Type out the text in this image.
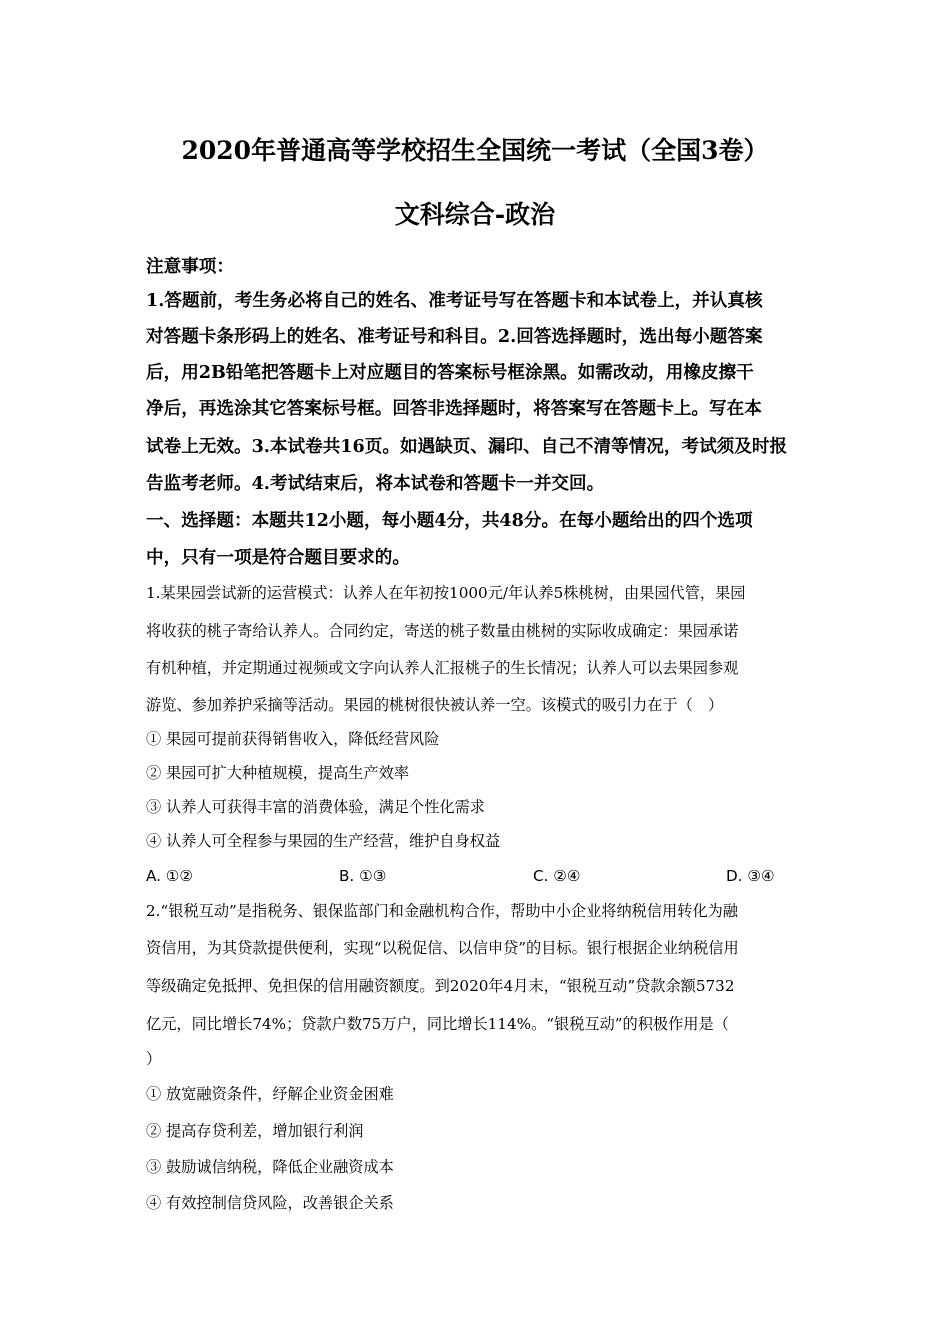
2020年普通高等学校招生全国统一考试（全国3卷）
文科综合-政治
注意事项：
1.答题前，考生务必将自己的姓名、准考证号写在答题卡和本试卷上，并认真核
对答题卡条形码上的姓名、准考证号和科目。2.回答选择题时，选出每小题答案
后，用2B铅笔把答题卡上对应题目的答案标号框涂黑。如需改动，用橡皮擦干
净后，再选涂其它答案标号框。回答非选择题时，将答案写在答题卡上。写在本
试卷上无效。3.本试卷共16页。如遇缺页、漏印、自己不清等情况，考试须及时报
告监考老师。4.考试结束后，将本试卷和答题卡一并交回。
一、选择题：本题共12小题，每小题4分，共48分。在每小题给出的四个选项
中，只有一项是符合题目要求的。
1.某果园尝试新的运营模式：认养人在年初按1000元/年认养5株桃树，由果园代管，果园
将收获的桃子寄给认养人。合同约定，寄送的桃子数量由桃树的实际收成确定：果园承诺
有机种植，并定期通过视频或文字向认养人汇报桃子的生长情况；认养人可以去果园参观
游览、参加养护采摘等活动。果园的桃树很快被认养一空。该模式的吸引力在于（　）
① 果园可提前获得销售收入，降低经营风险
② 果园可扩大种植规模，提高生产效率
③ 认养人可获得丰富的消费体验，满足个性化需求
④ 认养人可全程参与果园的生产经营，维护自身权益
A. ①②	B. ①③	C. ②④	D. ③④
2.“银税互动”是指税务、银保监部门和金融机构合作，帮助中小企业将纳税信用转化为融
资信用，为其贷款提供便利，实现“以税促信、以信申贷”的目标。银行根据企业纳税信用
等级确定免抵押、免担保的信用融资额度。到2020年4月末，“银税互动”贷款余额5732
亿元，同比增长74%；贷款户数75万户，同比增长114%。“银税互动”的积极作用是（
）
① 放宽融资条件，纾解企业资金困难
② 提高存贷利差，增加银行利润
③ 鼓励诚信纳税，降低企业融资成本
④ 有效控制信贷风险，改善银企关系
